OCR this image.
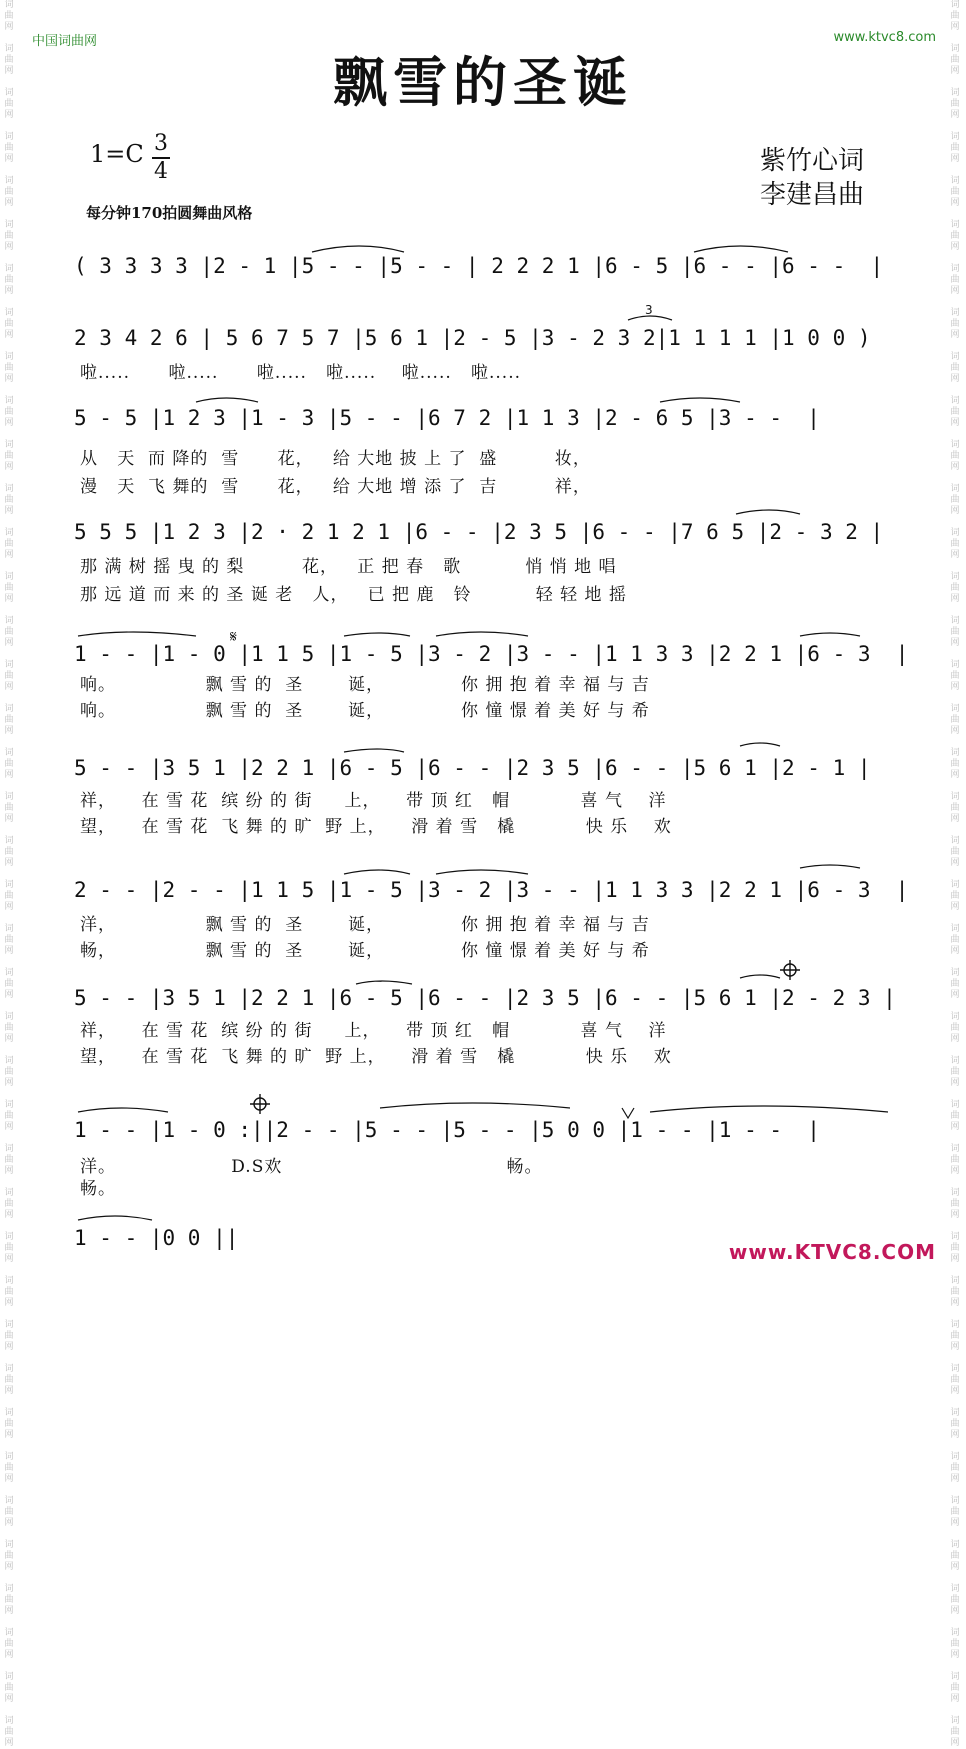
词
曲
网

词
曲
网

词
曲
网

词
曲
网

词
曲
网

词
曲
网

词
曲
网

词
曲
网

词
曲
网

词
曲
网

词
曲
网

词
曲
网

词
曲
网

词
曲
网

词
曲
网

词
曲
网

词
曲
网

词
曲
网

词
曲
网

词
曲
网

词
曲
网

词
曲
网

词
曲
网

词
曲
网

词
曲
网

词
曲
网

词
曲
网

词
曲
网

词
曲
网

词
曲
网

词
曲
网

词
曲
网

词
曲
网

词
曲
网

词
曲
网

词
曲
网

词
曲
网

词
曲
网

词
曲
网

词
曲
网

词
曲
网

词
曲
网

词
曲
网

词
曲
网

词
曲
网

词
曲
网

词
曲
网

词
曲
网

词
曲
网

词
曲
网

词
曲
网

词
曲
网

词
曲
网

词
曲
网

词
曲
网

词
曲
网

词
曲
网

词
曲
网

词
曲
网

词
曲
网

词
曲
网

词
曲
网

词
曲
网

词
曲
网

词
曲
网

词
曲
网

词
曲
网

词
曲
网

词
曲
网

词
曲
网

词
曲
网

词
曲
网

词
曲
网

词
曲
网

词
曲
网

词
曲
网

词
曲
网

词
曲
网

词
曲
网

词
曲
网

中国词曲网	www.ktvc8.com
飘雪的圣诞
1=C 3
4	紫竹心词
李建昌曲
每分钟170拍圆舞曲风格
( 3 3 3 3 |2 - 1 |5 - - |5 - - | 2 2 2 1 |6 - 5 |6 - - |6 - -  |
2 3 4 2 6 | 5 6 7 5 7 |5 6 1 |2 - 5 |3 - 2 3 2|1 1 1 1 |1 0 0 )
啦.....      啦.....      啦.....   啦.....    啦.....   啦.....
5 - 5 |1 2 3 |1 - 3 |5 - - |6 7 2 |1 1 3 |2 - 6 5 |3 - -  |
从   天  而 降的  雪      花，   给 大地 披 上 了  盛         妆，
漫   天  飞 舞的  雪      花，   给 大地 增 添 了  吉         祥，
5 5 5 |1 2 3 |2 · 2 1 2 1 |6 - - |2 3 5 |6 - - |7 6 5 |2 - 3 2 |
那 满 树 摇 曳 的 梨         花，   正 把 春   歌          悄 悄 地 唱
那 远 道 而 来 的 圣 诞 老   人，   已 把 鹿   铃          轻 轻 地 摇
1 - - |1 - 0 |1 1 5 |1 - 5 |3 - 2 |3 - - |1 1 3 3 |2 2 1 |6 - 3  |
响。              飘 雪 的  圣       诞，            你 拥 抱 着 幸 福 与 吉
响。              飘 雪 的  圣       诞，            你 憧 憬 着 美 好 与 希
5 - - |3 5 1 |2 2 1 |6 - 5 |6 - - |2 3 5 |6 - - |5 6 1 |2 - 1 |
祥，    在 雪 花  缤 纷 的 街     上，    带 顶 红   帽           喜 气    洋
望，    在 雪 花  飞 舞 的 旷  野 上，    滑 着 雪   橇           快 乐    欢
2 - - |2 - - |1 1 5 |1 - 5 |3 - 2 |3 - - |1 1 3 3 |2 2 1 |6 - 3  |
洋，              飘 雪 的  圣       诞，            你 拥 抱 着 幸 福 与 吉
畅，              飘 雪 的  圣       诞，            你 憧 憬 着 美 好 与 希
5 - - |3 5 1 |2 2 1 |6 - 5 |6 - - |2 3 5 |6 - - |5 6 1 |2 - 2 3 |
祥，    在 雪 花  缤 纷 的 街     上，    带 顶 红   帽           喜 气    洋
望，    在 雪 花  飞 舞 的 旷  野 上，    滑 着 雪   橇           快 乐    欢
1 - - |1 - 0 :||2 - - |5 - - |5 - - |5 0 0 |1 - - |1 - -  |
洋。                  D.S欢                                   畅。
畅。
1 - - |0 0 ||
www.KTVC8.COM
𝄋
3
